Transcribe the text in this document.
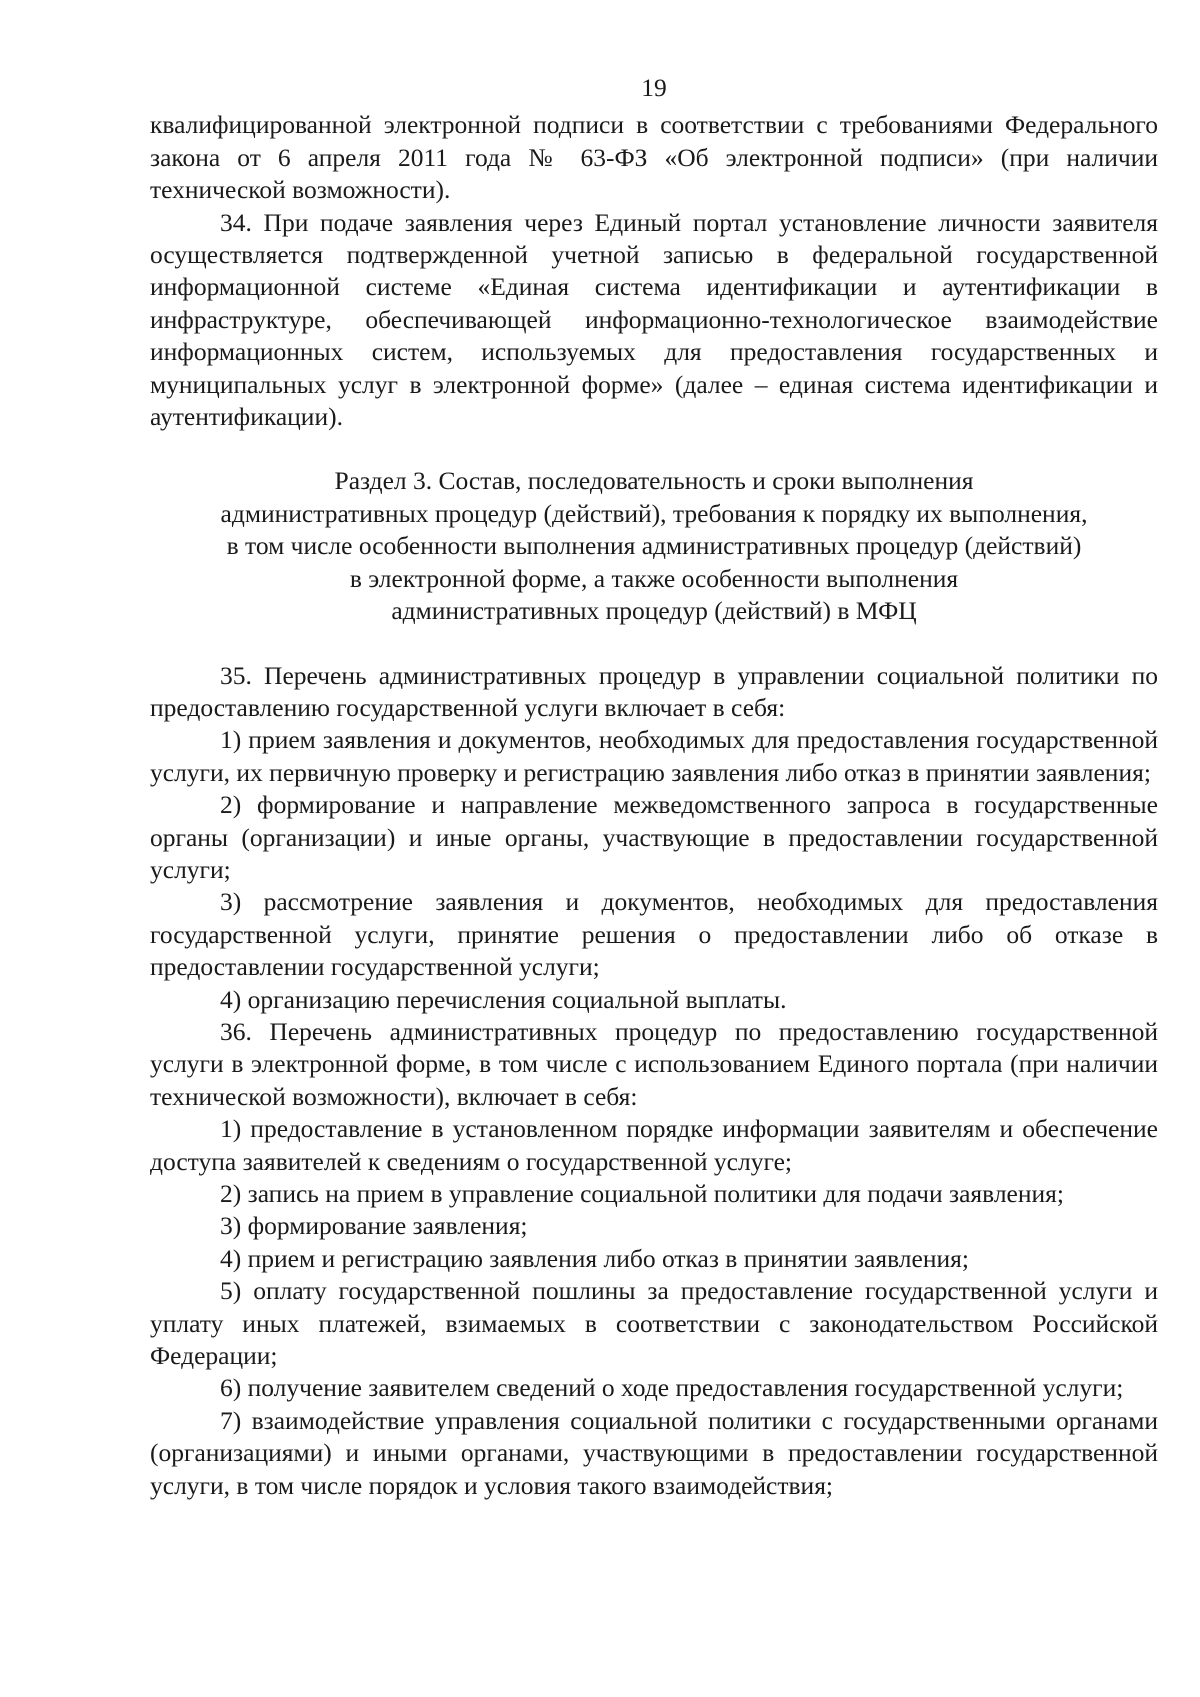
19

квалифицированной электронной подписи в соответствии с требованиями Федерального закона от 6 апреля 2011 года № 63-ФЗ «Об электронной подписи» (при наличии технической возможности).

34. При подаче заявления через Единый портал установление личности заявителя осуществляется подтвержденной учетной записью в федеральной государственной информационной системе «Единая система идентификации и аутентификации в инфраструктуре, обеспечивающей информационно-технологическое взаимодействие информационных систем, используемых для предоставления государственных и муниципальных услуг в электронной форме» (далее – единая система идентификации и аутентификации).

Раздел 3. Состав, последовательность и сроки выполнения
административных процедур (действий), требования к порядку их выполнения,
в том числе особенности выполнения административных процедур (действий)
в электронной форме, а также особенности выполнения
административных процедур (действий) в МФЦ

35. Перечень административных процедур в управлении социальной политики по предоставлению государственной услуги включает в себя:

1) прием заявления и документов, необходимых для предоставления государственной услуги, их первичную проверку и регистрацию заявления либо отказ в принятии заявления;

2) формирование и направление межведомственного запроса в государственные органы (организации) и иные органы, участвующие в предоставлении государственной услуги;

3) рассмотрение заявления и документов, необходимых для предоставления государственной услуги, принятие решения о предоставлении либо об отказе в предоставлении государственной услуги;

4) организацию перечисления социальной выплаты.

36. Перечень административных процедур по предоставлению государственной услуги в электронной форме, в том числе с использованием Единого портала (при наличии технической возможности), включает в себя:

1) предоставление в установленном порядке информации заявителям и обеспечение доступа заявителей к сведениям о государственной услуге;

2) запись на прием в управление социальной политики для подачи заявления;

3) формирование заявления;

4) прием и регистрацию заявления либо отказ в принятии заявления;

5) оплату государственной пошлины за предоставление государственной услуги и уплату иных платежей, взимаемых в соответствии с законодательством Российской Федерации;

6) получение заявителем сведений о ходе предоставления государственной услуги;

7) взаимодействие управления социальной политики с государственными органами (организациями) и иными органами, участвующими в предоставлении государственной услуги, в том числе порядок и условия такого взаимодействия;
